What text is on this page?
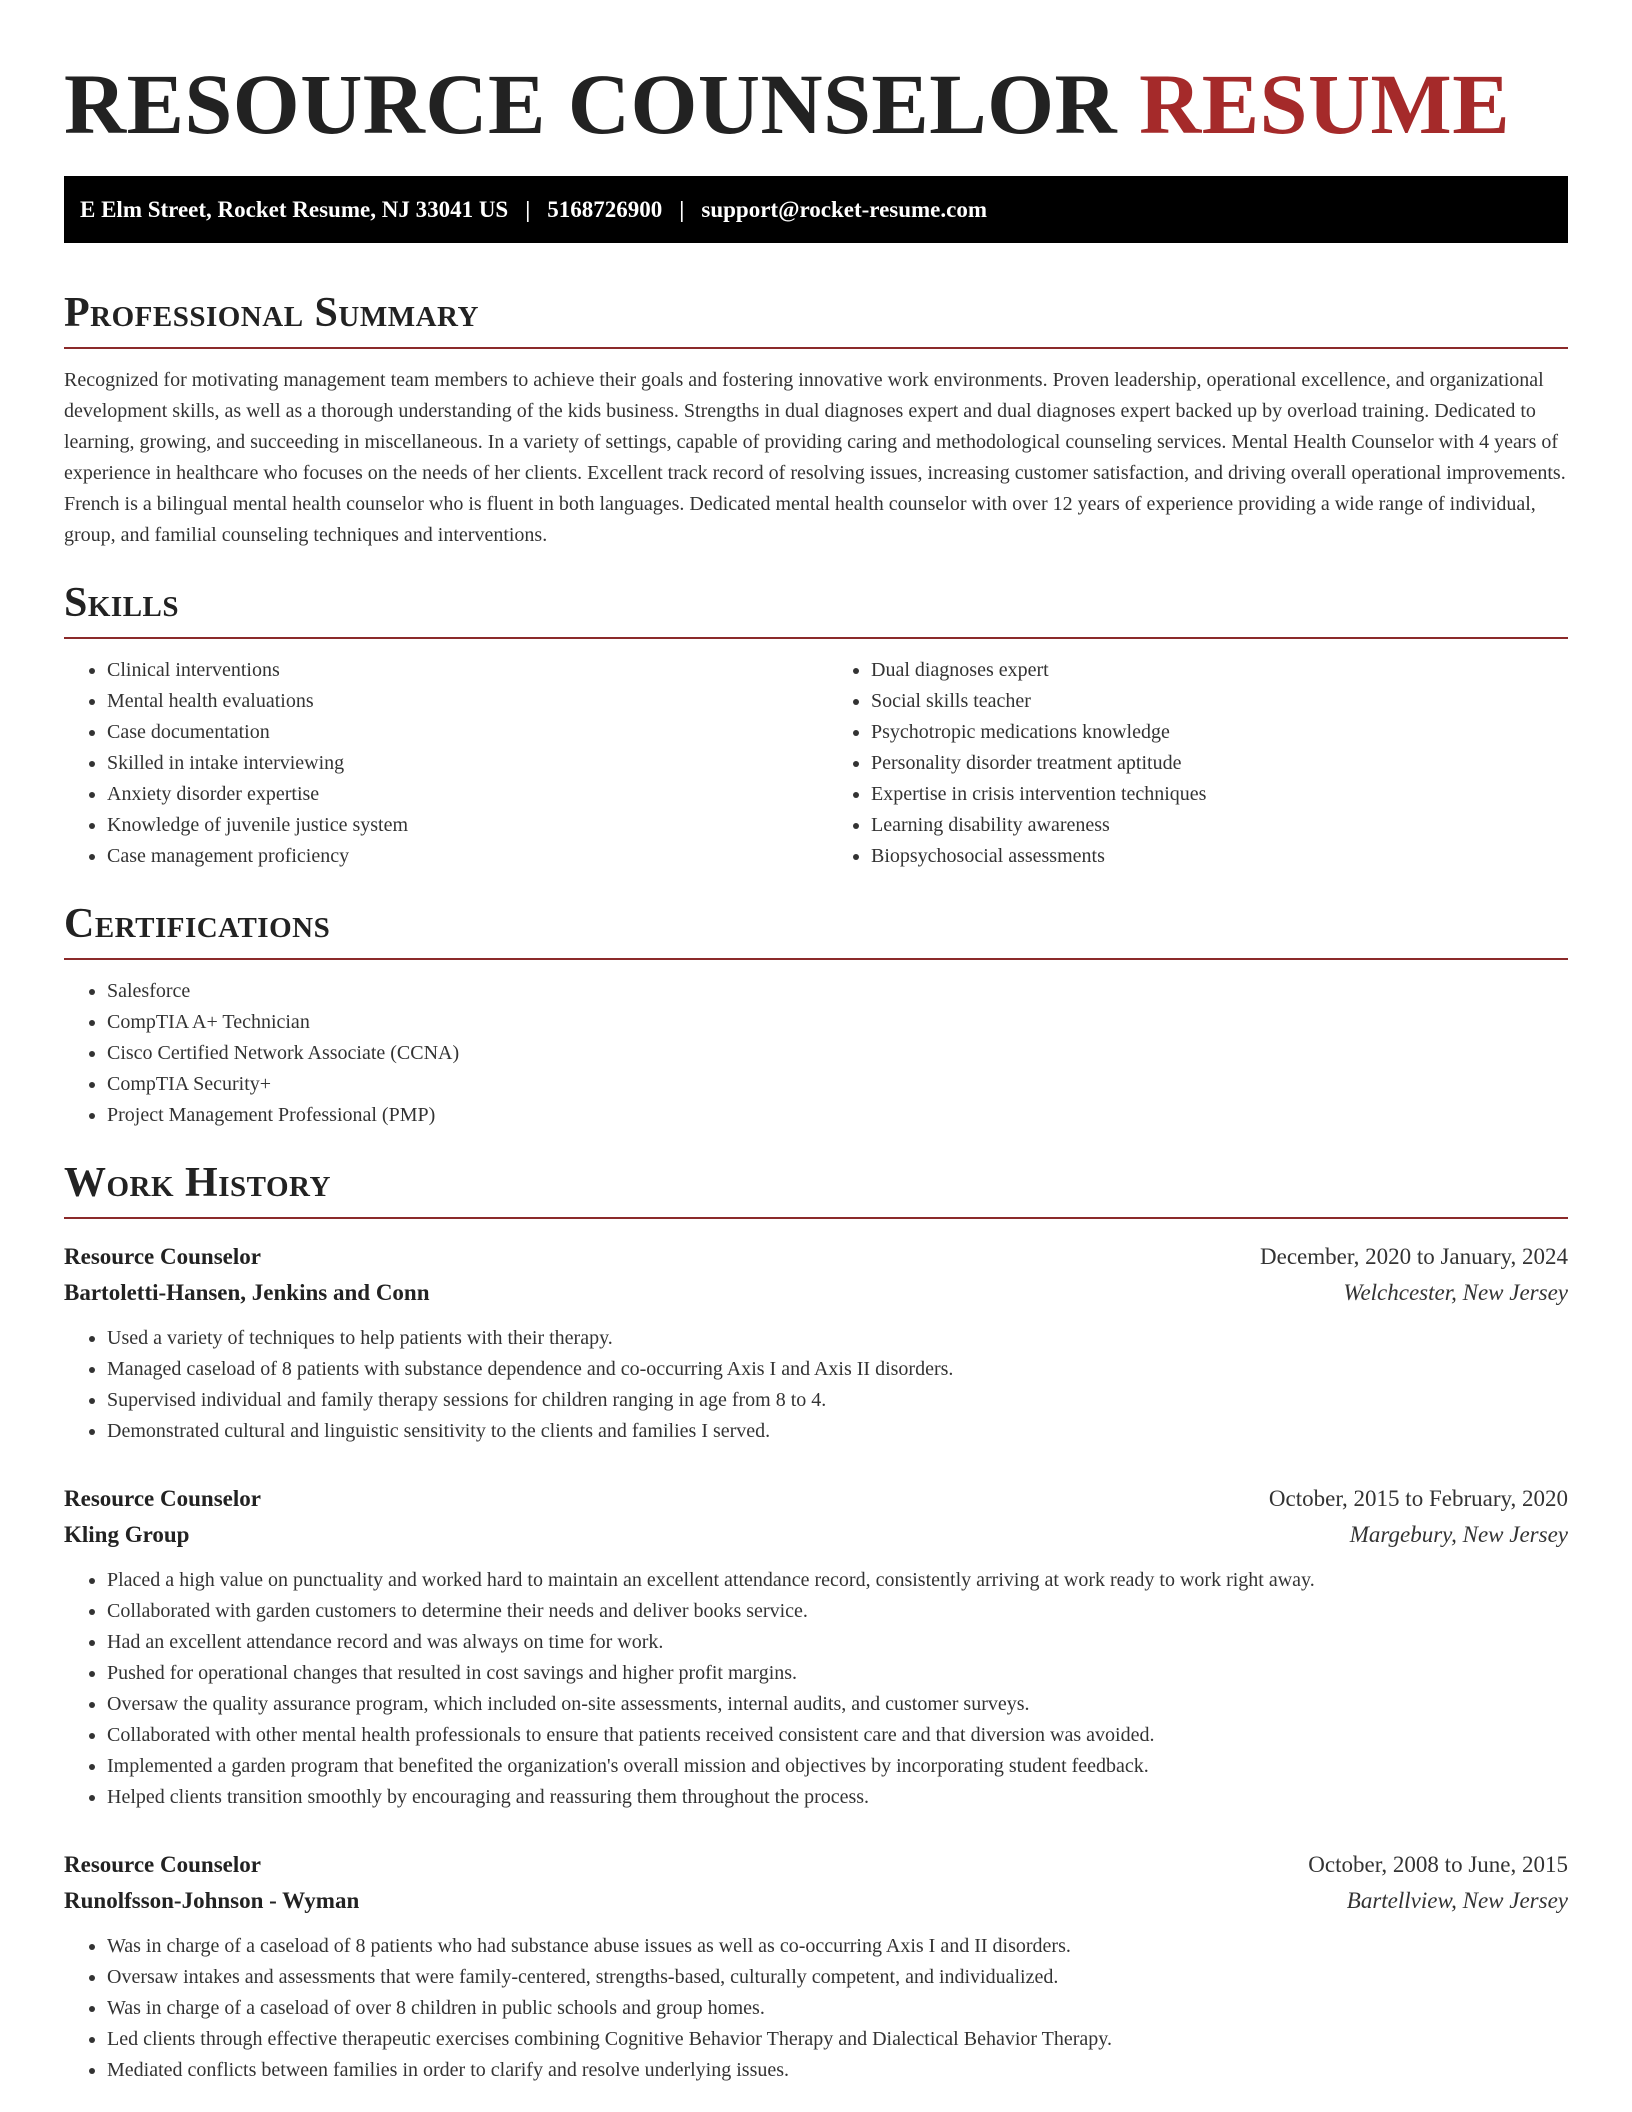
RESOURCE COUNSELOR RESUME
E Elm Street, Rocket Resume, NJ 33041 US | 5168726900 | support@rocket-resume.com
Professional Summary

Recognized for motivating management team members to achieve their goals and fostering innovative work environments. Proven leadership, operational excellence, and organizational development skills, as well as a thorough understanding of the kids business. Strengths in dual diagnoses expert and dual diagnoses expert backed up by overload training. Dedicated to learning, growing, and succeeding in miscellaneous. In a variety of settings, capable of providing caring and methodological counseling services. Mental Health Counselor with 4 years of experience in healthcare who focuses on the needs of her clients. Excellent track record of resolving issues, increasing customer satisfaction, and driving overall operational improvements. French is a bilingual mental health counselor who is fluent in both languages. Dedicated mental health counselor with over 12 years of experience providing a wide range of individual, group, and familial counseling techniques and interventions.

Skills
• Clinical interventions
• Mental health evaluations
• Case documentation
• Skilled in intake interviewing
• Anxiety disorder expertise
• Knowledge of juvenile justice system
• Case management proficiency
• Dual diagnoses expert
• Social skills teacher
• Psychotropic medications knowledge
• Personality disorder treatment aptitude
• Expertise in crisis intervention techniques
• Learning disability awareness
• Biopsychosocial assessments
Certifications
• Salesforce
• CompTIA A+ Technician
• Cisco Certified Network Associate (CCNA)
• CompTIA Security+
• Project Management Professional (PMP)
Work History
Resource Counselor	December, 2020 to January, 2024
Bartoletti-Hansen, Jenkins and Conn	Welchcester, New Jersey
• Used a variety of techniques to help patients with their therapy.
• Managed caseload of 8 patients with substance dependence and co-occurring Axis I and Axis II disorders.
• Supervised individual and family therapy sessions for children ranging in age from 8 to 4.
• Demonstrated cultural and linguistic sensitivity to the clients and families I served.
Resource Counselor	October, 2015 to February, 2020
Kling Group	Margebury, New Jersey
• Placed a high value on punctuality and worked hard to maintain an excellent attendance record, consistently arriving at work ready to work right away.
• Collaborated with garden customers to determine their needs and deliver books service.
• Had an excellent attendance record and was always on time for work.
• Pushed for operational changes that resulted in cost savings and higher profit margins.
• Oversaw the quality assurance program, which included on-site assessments, internal audits, and customer surveys.
• Collaborated with other mental health professionals to ensure that patients received consistent care and that diversion was avoided.
• Implemented a garden program that benefited the organization's overall mission and objectives by incorporating student feedback.
• Helped clients transition smoothly by encouraging and reassuring them throughout the process.
Resource Counselor	October, 2008 to June, 2015
Runolfsson-Johnson - Wyman	Bartellview, New Jersey
• Was in charge of a caseload of 8 patients who had substance abuse issues as well as co-occurring Axis I and II disorders.
• Oversaw intakes and assessments that were family-centered, strengths-based, culturally competent, and individualized.
• Was in charge of a caseload of over 8 children in public schools and group homes.
• Led clients through effective therapeutic exercises combining Cognitive Behavior Therapy and Dialectical Behavior Therapy.
• Mediated conflicts between families in order to clarify and resolve underlying issues.
